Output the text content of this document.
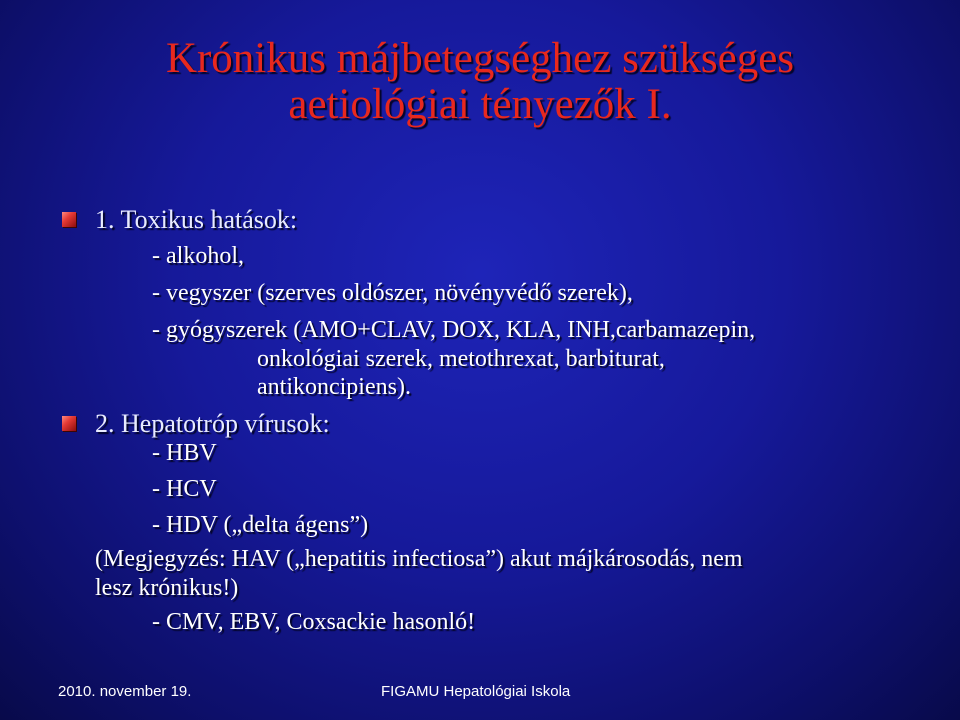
Krónikus májbetegséghez szükséges
aetiológiai tényezők I.
1. Toxikus hatások:
- alkohol,
- vegyszer (szerves oldószer, növényvédő szerek),
- gyógyszerek (AMO+CLAV, DOX, KLA, INH,carbamazepin,
onkológiai szerek, metothrexat, barbiturat,
antikoncipiens).
2. Hepatotróp vírusok:
- HBV
- HCV
- HDV („delta ágens”)
(Megjegyzés: HAV („hepatitis infectiosa”) akut májkárosodás, nem
lesz krónikus!)
- CMV, EBV, Coxsackie hasonló!
2010. november 19.	FIGAMU Hepatológiai Iskola
